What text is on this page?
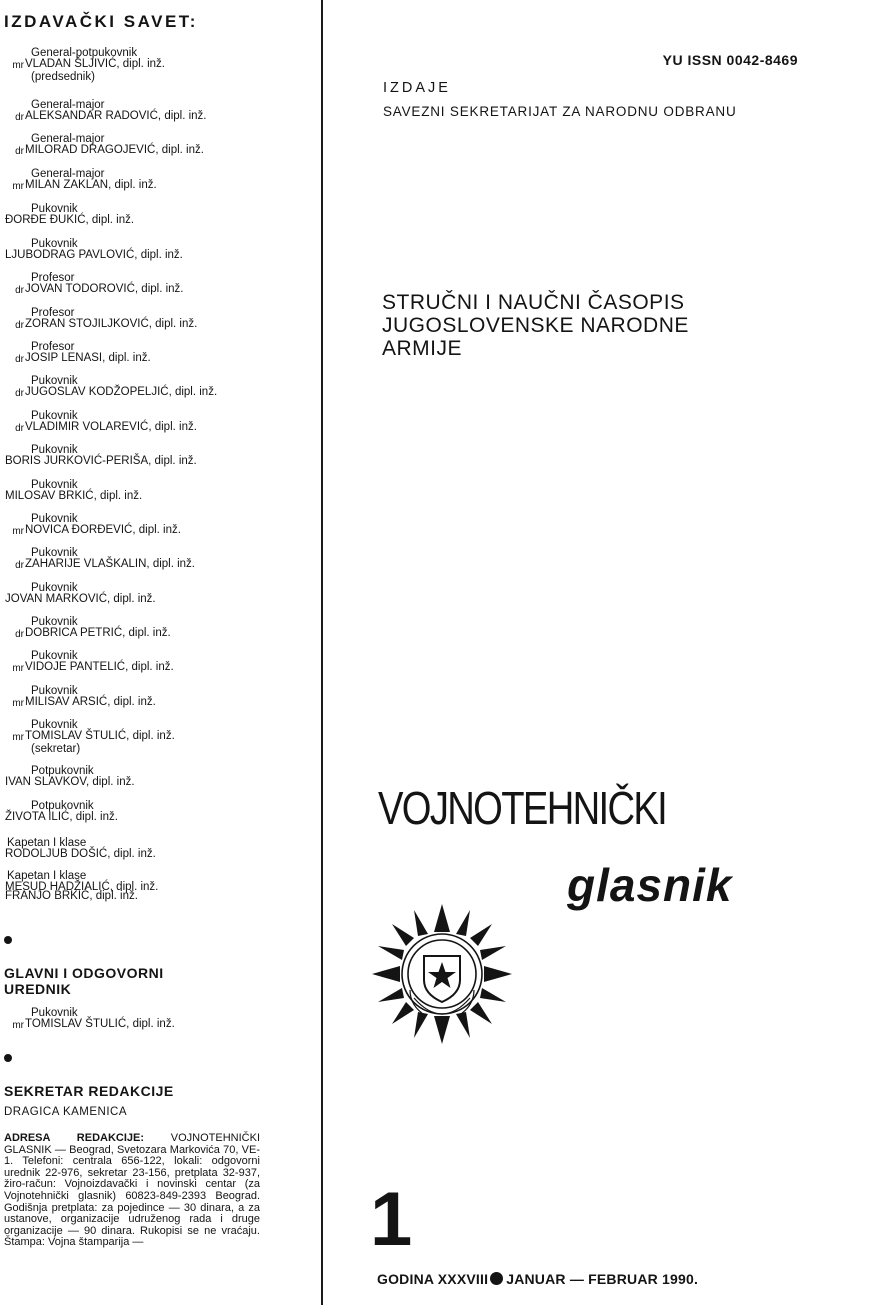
IZDAVAČKI SAVET:
General-potpukovnik
mr VLADAN ŠLJIVIĆ, dipl. inž.
(predsednik)
General-major
dr ALEKSANDAR RADOVIĆ, dipl. inž.
General-major
dr MILORAD DRAGOJEVIĆ, dipl. inž.
General-major
mr MILAN ZAKLAN, dipl. inž.
Pukovnik
ĐORĐE ĐUKIĆ, dipl. inž.
Pukovnik
LJUBODRAG PAVLOVIĆ, dipl. inž.
Profesor
dr JOVAN TODOROVIĆ, dipl. inž.
Profesor
dr ZORAN STOJILJKOVIĆ, dipl. inž.
Profesor
dr JOSIP LENASI, dipl. inž.
Pukovnik
dr JUGOSLAV KODŽOPELJIĆ, dipl. inž.
Pukovnik
dr VLADIMIR VOLAREVIĆ, dipl. inž.
Pukovnik
BORIS JURKOVIĆ-PERIŠA, dipl. inž.
Pukovnik
MILOSAV BRKIĆ, dipl. inž.
Pukovnik
mr NOVICA ĐORĐEVIĆ, dipl. inž.
Pukovnik
dr ZAHARIJE VLAŠKALIN, dipl. inž.
Pukovnik
JOVAN MARKOVIĆ, dipl. inž.
Pukovnik
dr DOBRICA PETRIĆ, dipl. inž.
Pukovnik
mr VIDOJE PANTELIĆ, dipl. inž.
Pukovnik
mr MILISAV ARSIĆ, dipl. inž.
Pukovnik
mr TOMISLAV ŠTULIĆ, dipl. inž.
(sekretar)
Potpukovnik
IVAN SLAVKOV, dipl. inž.
Potpukovnik
ŽIVOTA ILIĆ, dipl. inž.
Kapetan I klase
RODOLJUB DOŠIĆ, dipl. inž.
Kapetan I klase
MESUD HADŽIALIĆ, dipl. inž.
FRANJO BRKIĆ, dipl. inž.
GLAVNI I ODGOVORNI UREDNIK
Pukovnik
mr TOMISLAV ŠTULIĆ, dipl. inž.
SEKRETAR REDAKCIJE
DRAGICA KAMENICA
ADRESA REDAKCIJE: VOJNOTEHNIČKI GLASNIK — Beograd, Svetozara Markovića 70, VE-1. Telefoni: centrala 656-122, lokali: odgovorni urednik 22-976, sekretar 23-156, pretplata 32-937, žiro-račun: Vojnoizdavački i novinski centar (za Vojnotehnički glasnik) 60823-849-2393 Beograd. Godišnja pretplata: za pojedince — 30 dinara, a za ustanove, organizacije udruženog rada i druge organizacije — 90 dinara. Rukopisi se ne vraćaju. Štampa: Vojna štamparija —
YU ISSN 0042-8469
IZDAJE
SAVEZNI SEKRETARIJAT ZA NARODNU ODBRANU
STRUČNI I NAUČNI ČASOPIS JUGOSLOVENSKE NARODNE ARMIJE
VOJNOTEHNIČKI
glasnik
1
GODINA XXXVIII JANUAR — FEBRUAR 1990.
